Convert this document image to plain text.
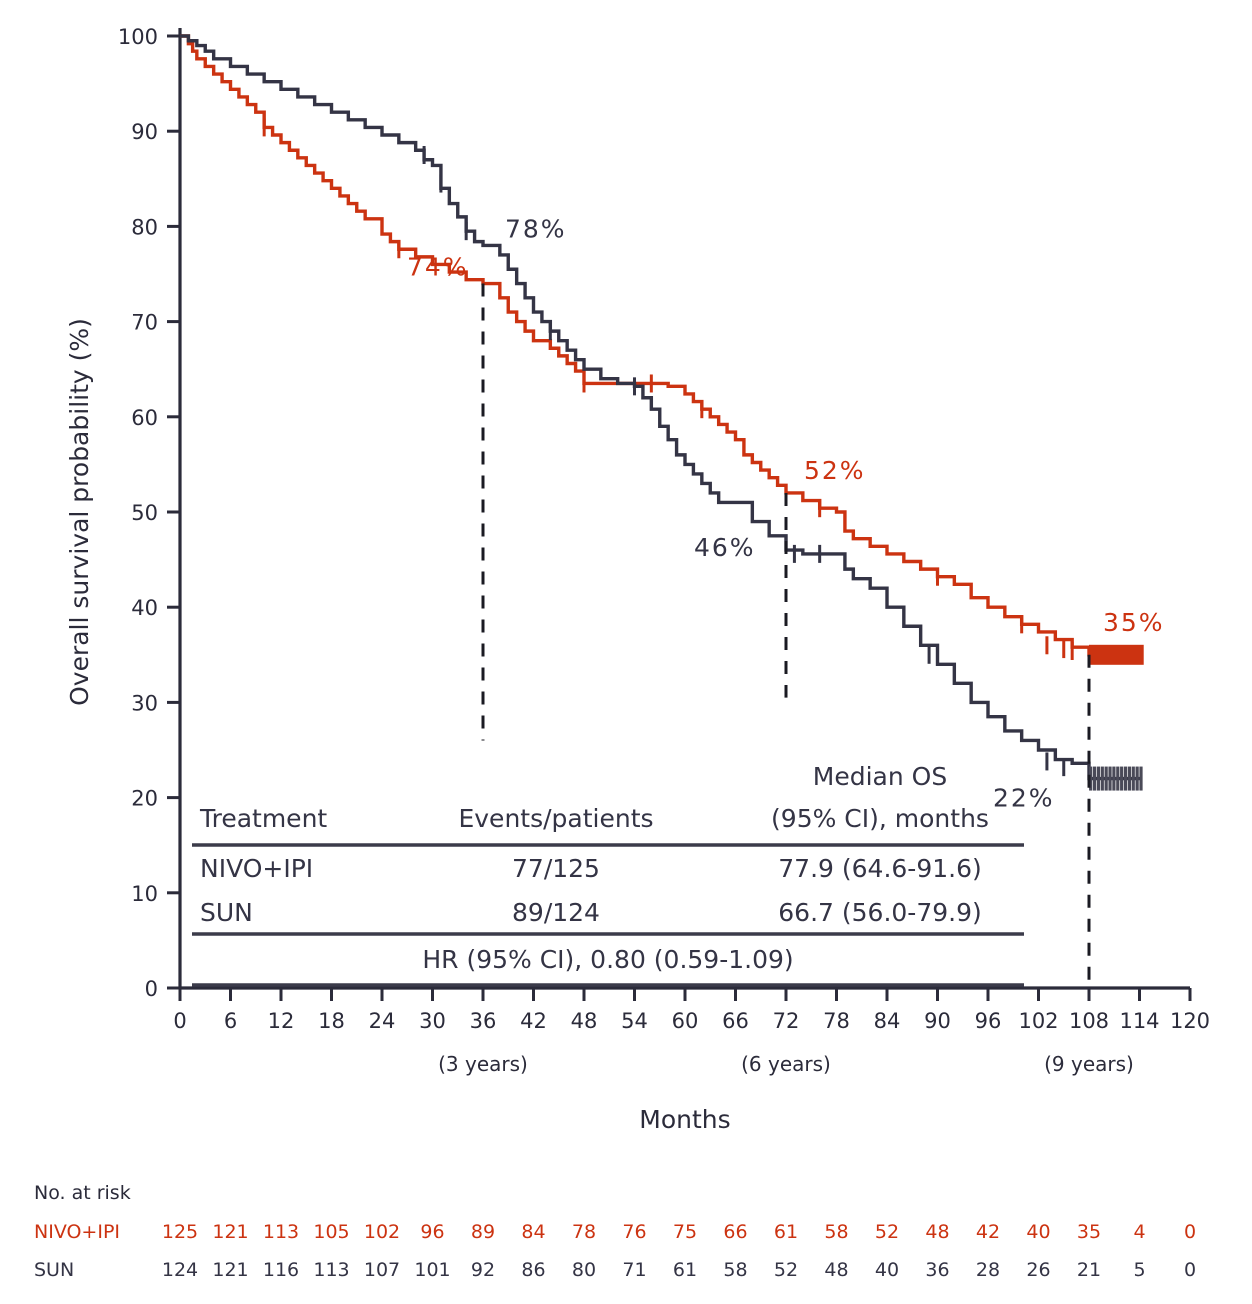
0
10
20
30
40
50
60
70
80
90
100
0 6 12 18 24 30 36 42 48 54 60 66 72 78 84 90 96 102 108 114 120
Overall survival probability (%)
Months
(3 years)	(6 years)	(9 years)
78%
74%
52%
46%
35%
22%
Median OS
Treatment	Events/patients	(95% CI), months
NIVO+IPI	77/125	77.9 (64.6-91.6)
SUN	89/124	66.7 (56.0-79.9)
HR (95% CI), 0.80 (0.59-1.09)
No. at risk
NIVO+IPI 125 121 113 105 102 96 89 84 78 76 75 66 61 58 52 48 42 40 35 4 0
SUN	124 121 116 113 107 101 92 86 80 71 61 58 52 48 40 36 28 26 21 5 0
